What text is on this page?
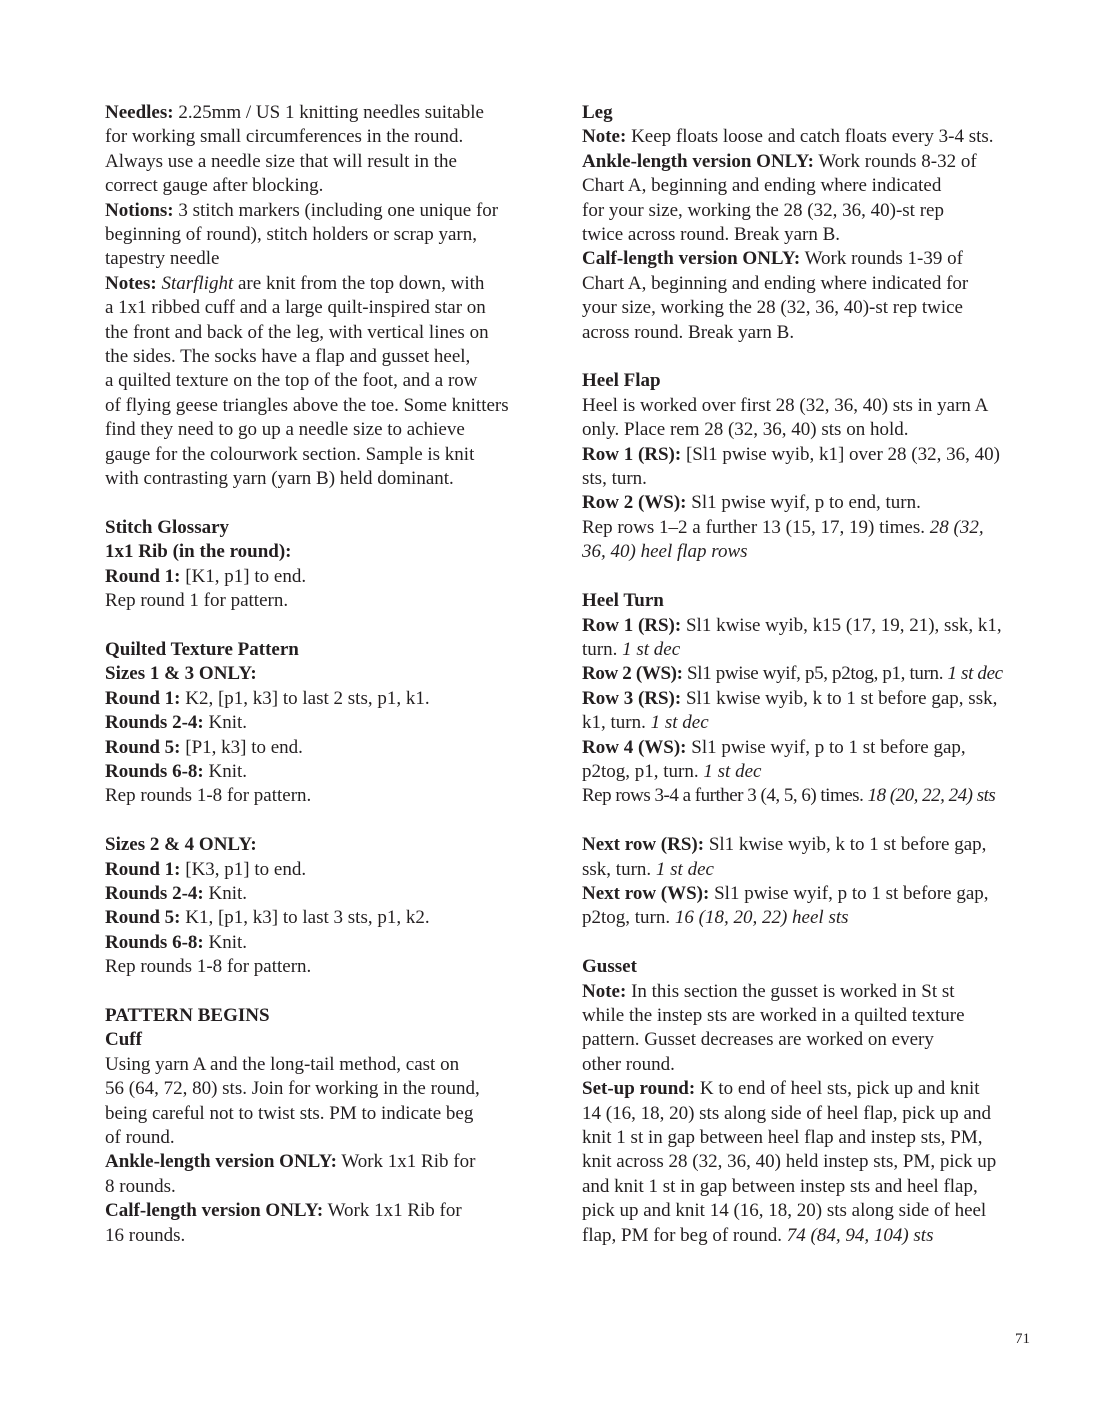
Needles: 2.25mm / US 1 knitting needles suitable

for working small circumferences in the round.

Always use a needle size that will result in the

correct gauge after blocking.

Notions: 3 stitch markers (including one unique for

beginning of round), stitch holders or scrap yarn,

tapestry needle

Notes: Starflight are knit from the top down, with

a 1x1 ribbed cuff and a large quilt-inspired star on

the front and back of the leg, with vertical lines on

the sides. The socks have a flap and gusset heel,

a quilted texture on the top of the foot, and a row

of flying geese triangles above the toe. Some knitters

find they need to go up a needle size to achieve

gauge for the colourwork section. Sample is knit

with contrasting yarn (yarn B) held dominant.

Stitch Glossary

1x1 Rib (in the round):

Round 1: [K1, p1] to end.

Rep round 1 for pattern.

Quilted Texture Pattern

Sizes 1 & 3 ONLY:

Round 1: K2, [p1, k3] to last 2 sts, p1, k1.

Rounds 2-4: Knit.

Round 5: [P1, k3] to end.

Rounds 6-8: Knit.

Rep rounds 1-8 for pattern.

Sizes 2 & 4 ONLY:

Round 1: [K3, p1] to end.

Rounds 2-4: Knit.

Round 5: K1, [p1, k3] to last 3 sts, p1, k2.

Rounds 6-8: Knit.

Rep rounds 1-8 for pattern.

PATTERN BEGINS

Cuff

Using yarn A and the long-tail method, cast on

56 (64, 72, 80) sts. Join for working in the round,

being careful not to twist sts. PM to indicate beg

of round.

Ankle-length version ONLY: Work 1x1 Rib for

8 rounds.

Calf-length version ONLY: Work 1x1 Rib for

16 rounds.

Leg

Note: Keep floats loose and catch floats every 3-4 sts.

Ankle-length version ONLY: Work rounds 8-32 of

Chart A, beginning and ending where indicated

for your size, working the 28 (32, 36, 40)-st rep

twice across round. Break yarn B.

Calf-length version ONLY: Work rounds 1-39 of

Chart A, beginning and ending where indicated for

your size, working the 28 (32, 36, 40)-st rep twice

across round. Break yarn B.

Heel Flap

Heel is worked over first 28 (32, 36, 40) sts in yarn A

only. Place rem 28 (32, 36, 40) sts on hold.

Row 1 (RS): [Sl1 pwise wyib, k1] over 28 (32, 36, 40)

sts, turn.

Row 2 (WS): Sl1 pwise wyif, p to end, turn.

Rep rows 1–2 a further 13 (15, 17, 19) times. 28 (32,

36, 40) heel flap rows

Heel Turn

Row 1 (RS): Sl1 kwise wyib, k15 (17, 19, 21), ssk, k1,

turn. 1 st dec

Row 2 (WS): Sl1 pwise wyif, p5, p2tog, p1, turn. 1 st dec

Row 3 (RS): Sl1 kwise wyib, k to 1 st before gap, ssk,

k1, turn. 1 st dec

Row 4 (WS): Sl1 pwise wyif, p to 1 st before gap,

p2tog, p1, turn. 1 st dec

Rep rows 3-4 a further 3 (4, 5, 6) times. 18 (20, 22, 24) sts

Next row (RS): Sl1 kwise wyib, k to 1 st before gap,

ssk, turn. 1 st dec

Next row (WS): Sl1 pwise wyif, p to 1 st before gap,

p2tog, turn. 16 (18, 20, 22) heel sts

Gusset

Note: In this section the gusset is worked in St st

while the instep sts are worked in a quilted texture

pattern. Gusset decreases are worked on every

other round.

Set-up round: K to end of heel sts, pick up and knit

14 (16, 18, 20) sts along side of heel flap, pick up and

knit 1 st in gap between heel flap and instep sts, PM,

knit across 28 (32, 36, 40) held instep sts, PM, pick up

and knit 1 st in gap between instep sts and heel flap,

pick up and knit 14 (16, 18, 20) sts along side of heel

flap, PM for beg of round. 74 (84, 94, 104) sts

71
